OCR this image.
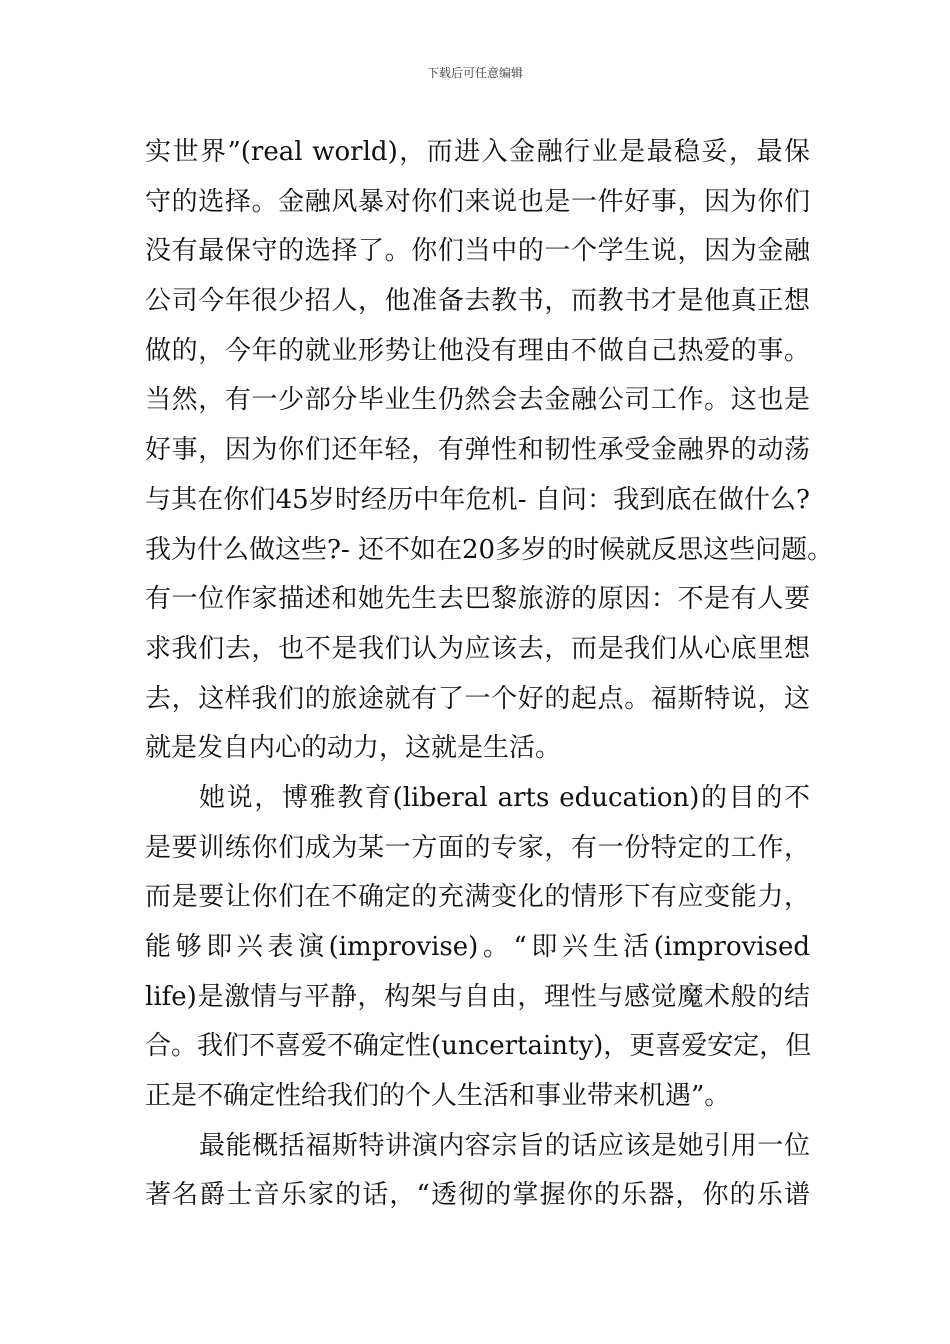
下载后可任意编辑
实世界”(real world)，而进入金融行业是最稳妥，最保
守的选择。金融风暴对你们来说也是一件好事，因为你们
没有最保守的选择了。你们当中的一个学生说，因为金融
公司今年很少招人，他准备去教书，而教书才是他真正想
做的，今年的就业形势让他没有理由不做自己热爱的事。
当然，有一少部分毕业生仍然会去金融公司工作。这也是
好事，因为你们还年轻，有弹性和韧性承受金融界的动荡
与其在你们45岁时经历中年危机- 自问：我到底在做什么?
我为什么做这些?- 还不如在20多岁的时候就反思这些问题。
有一位作家描述和她先生去巴黎旅游的原因：不是有人要
求我们去，也不是我们认为应该去，而是我们从心底里想
去，这样我们的旅途就有了一个好的起点。福斯特说，这
就是发自内心的动力，这就是生活。
她说，博雅教育(liberal arts education)的目的不
是要训练你们成为某一方面的专家，有一份特定的工作，
而是要让你们在不确定的充满变化的情形下有应变能力，
能够即兴表演(improvise)。“即兴生活(improvised
life)是激情与平静，构架与自由，理性与感觉魔术般的结
合。我们不喜爱不确定性(uncertainty)，更喜爱安定，但
正是不确定性给我们的个人生活和事业带来机遇”。
最能概括福斯特讲演内容宗旨的话应该是她引用一位
著名爵士音乐家的话，“透彻的掌握你的乐器，你的乐谱
